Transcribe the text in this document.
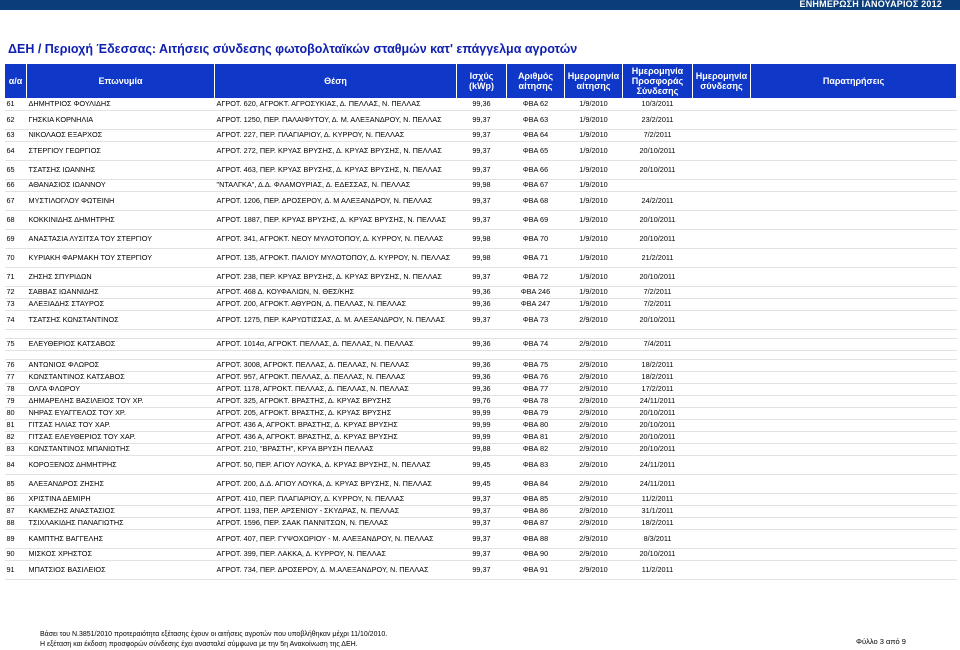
ΕΝΗΜΕΡΩΣΗ ΙΑΝΟΥΑΡΙΟΣ 2012
ΔΕΗ / Περιοχή Έδεσσας: Αιτήσεις σύνδεσης φωτοβολταϊκών σταθμών κατ' επάγγελμα αγροτών
α/α	Επωνυμία	Θέση	Ισχύς (kWp)	Αριθμός αίτησης	Ημερομηνία αίτησης	Ημερομηνία Προσφοράς Σύνδεσης	Ημερομηνία σύνδεσης	Παρατηρήσεις
61	ΔΗΜΗΤΡΙΟΣ ΦΟΥΛΙΔΗΣ	ΑΓΡΟΤ. 620, ΑΓΡΟΚΤ. ΑΓΡΟΣΥΚΙΑΣ, Δ. ΠΕΛΛΑΣ, Ν. ΠΕΛΛΑΣ	99,36	ΦΒΑ 62	1/9/2010	10/3/2011		
62	ΓΗΣΚΙΑ ΚΟΡΝΗΛΙΑ	ΑΓΡΟΤ. 1250, ΠΕΡ. ΠΑΛΑΙΦΥΤΟΥ, Δ. Μ. ΑΛΕΞΑΝΔΡΟΥ, Ν. ΠΕΛΛΑΣ	99,37	ΦΒΑ 63	1/9/2010	23/2/2011		
63	ΝΙΚΟΛΑΟΣ ΕΞΑΡΧΟΣ	ΑΓΡΟΤ. 227, ΠΕΡ. ΠΛΑΓΙΑΡΙΟΥ, Δ. ΚΥΡΡΟΥ, Ν. ΠΕΛΛΑΣ	99,37	ΦΒΑ 64	1/9/2010	7/2/2011		
64	ΣΤΕΡΓΙΟΥ ΓΕΩΡΓΙΟΣ	ΑΓΡΟΤ. 272, ΠΕΡ. ΚΡΥΑΣ ΒΡΥΣΗΣ, Δ. ΚΡΥΑΣ ΒΡΥΣΗΣ, Ν. ΠΕΛΛΑΣ	99,37	ΦΒΑ 65	1/9/2010	20/10/2011		
65	ΤΣΑΤΣΗΣ ΙΩΑΝΝΗΣ	ΑΓΡΟΤ. 463, ΠΕΡ. ΚΡΥΑΣ ΒΡΥΣΗΣ, Δ. ΚΡΥΑΣ ΒΡΥΣΗΣ, Ν. ΠΕΛΛΑΣ	99,37	ΦΒΑ 66	1/9/2010	20/10/2011		
66	ΑΘΑΝΑΣΙΟΣ ΙΩΑΝΝΟΥ	"ΝΤΑΛΓΚΑ", Δ.Δ. ΦΛΑΜΟΥΡΙΑΣ, Δ. ΕΔΕΣΣΑΣ, Ν. ΠΕΛΛΑΣ	99,98	ΦΒΑ 67	1/9/2010			
67	ΜΥΣΤΙΛΟΓΛΟΥ ΦΩΤΕΙΝΗ	ΑΓΡΟΤ. 1206, ΠΕΡ. ΔΡΟΣΕΡΟΥ, Δ. Μ ΑΛΕΞΑΝΔΡΟΥ, Ν. ΠΕΛΛΑΣ	99,37	ΦΒΑ 68	1/9/2010	24/2/2011		
68	ΚΟΚΚΙΝΙΔΗΣ ΔΗΜΗΤΡΗΣ	ΑΓΡΟΤ. 1887, ΠΕΡ. ΚΡΥΑΣ ΒΡΥΣΗΣ, Δ. ΚΡΥΑΣ ΒΡΥΣΗΣ, Ν. ΠΕΛΛΑΣ	99,37	ΦΒΑ 69	1/9/2010	20/10/2011		
69	ΑΝΑΣΤΑΣΙΑ ΛΥΣΙΤΣΑ ΤΟΥ ΣΤΕΡΓΙΟΥ	ΑΓΡΟΤ. 341, ΑΓΡΟΚΤ. ΝΕΟΥ ΜΥΛΟΤΟΠΟΥ, Δ. ΚΥΡΡΟΥ, Ν. ΠΕΛΛΑΣ	99,98	ΦΒΑ 70	1/9/2010	20/10/2011		
70	ΚΥΡΙΑΚΗ ΦΑΡΜΑΚΗ ΤΟΥ ΣΤΕΡΓΙΟΥ	ΑΓΡΟΤ. 135, ΑΓΡΟΚΤ. ΠΑΛΙΟΥ ΜΥΛΟΤΟΠΟΥ, Δ. ΚΥΡΡΟΥ, Ν. ΠΕΛΛΑΣ	99,98	ΦΒΑ 71	1/9/2010	21/2/2011		
71	ΖΗΣΗΣ ΣΠΥΡΙΔΩΝ	ΑΓΡΟΤ. 238, ΠΕΡ. ΚΡΥΑΣ ΒΡΥΣΗΣ, Δ. ΚΡΥΑΣ ΒΡΥΣΗΣ, Ν. ΠΕΛΛΑΣ	99,37	ΦΒΑ 72	1/9/2010	20/10/2011		
72	ΣΑΒΒΑΣ ΙΩΑΝΝΙΔΗΣ	ΑΓΡΟΤ. 468 Δ. ΚΟΥΦΑΛΙΩΝ, Ν. ΘΕΣ/ΚΗΣ	99,36	ΦΒΑ 246	1/9/2010	7/2/2011		
73	ΑΛΕΞΙΑΔΗΣ ΣΤΑΥΡΟΣ	ΑΓΡΟΤ. 200, ΑΓΡΟΚΤ. ΑΘΥΡΩΝ, Δ. ΠΕΛΛΑΣ, Ν. ΠΕΛΛΑΣ	99,36	ΦΒΑ 247	1/9/2010	7/2/2011		
74	ΤΣΑΤΣΗΣ ΚΩΝΣΤΑΝΤΙΝΟΣ	ΑΓΡΟΤ. 1275, ΠΕΡ. ΚΑΡΥΩΤΙΣΣΑΣ, Δ. Μ. ΑΛΕΞΑΝΔΡΟΥ, Ν. ΠΕΛΛΑΣ	99,37	ΦΒΑ 73	2/9/2010	20/10/2011		

75	ΕΛΕΥΘΕΡΙΟΣ ΚΑΤΣΑΒΟΣ	ΑΓΡΟΤ. 1014α, ΑΓΡΟΚΤ. ΠΕΛΛΑΣ, Δ. ΠΕΛΛΑΣ, Ν. ΠΕΛΛΑΣ	99,36	ΦΒΑ 74	2/9/2010	7/4/2011		

76	ΑΝΤΩΝΙΟΣ ΦΛΩΡΟΣ	ΑΓΡΟΤ. 3008, ΑΓΡΟΚΤ. ΠΕΛΛΑΣ, Δ. ΠΕΛΛΑΣ, Ν. ΠΕΛΛΑΣ	99,36	ΦΒΑ 75	2/9/2010	18/2/2011		
77	ΚΩΝΣΤΑΝΤΙΝΟΣ ΚΑΤΣΑΒΟΣ	ΑΓΡΟΤ. 957, ΑΓΡΟΚΤ. ΠΕΛΛΑΣ, Δ. ΠΕΛΛΑΣ, Ν. ΠΕΛΛΑΣ	99,36	ΦΒΑ 76	2/9/2010	18/2/2011		
78	ΟΛΓΑ ΦΛΩΡΟΥ	ΑΓΡΟΤ. 1178, ΑΓΡΟΚΤ. ΠΕΛΛΑΣ, Δ. ΠΕΛΛΑΣ, Ν. ΠΕΛΛΑΣ	99,36	ΦΒΑ 77	2/9/2010	17/2/2011		
79	ΔΗΜΑΡΕΛΗΣ ΒΑΣΙΛΕΙΟΣ ΤΟΥ ΧΡ.	ΑΓΡΟΤ. 325, ΑΓΡΟΚΤ. ΒΡΑΣΤΗΣ, Δ. ΚΡΥΑΣ ΒΡΥΣΗΣ	99,76	ΦΒΑ 78	2/9/2010	24/11/2011		
80	ΝΗΡΑΣ ΕΥΑΓΓΕΛΟΣ ΤΟΥ ΧΡ.	ΑΓΡΟΤ. 205, ΑΓΡΟΚΤ. ΒΡΑΣΤΗΣ, Δ. ΚΡΥΑΣ ΒΡΥΣΗΣ	99,99	ΦΒΑ 79	2/9/2010	20/10/2011		
81	ΓΙΤΣΑΣ ΗΛΙΑΣ ΤΟΥ ΧΑΡ.	ΑΓΡΟΤ. 436 Α, ΑΓΡΟΚΤ. ΒΡΑΣΤΗΣ, Δ. ΚΡΥΑΣ ΒΡΥΣΗΣ	99,99	ΦΒΑ 80	2/9/2010	20/10/2011		
82	ΓΙΤΣΑΣ ΕΛΕΥΘΕΡΙΟΣ ΤΟΥ ΧΑΡ.	ΑΓΡΟΤ. 436 Α, ΑΓΡΟΚΤ. ΒΡΑΣΤΗΣ, Δ. ΚΡΥΑΣ ΒΡΥΣΗΣ	99,99	ΦΒΑ 81	2/9/2010	20/10/2011		
83	ΚΩΝΣΤΑΝΤΙΝΟΣ ΜΠΑΝΙΩΤΗΣ	ΑΓΡΟΤ. 210, "ΒΡΑΣΤΗ", ΚΡΥΑ ΒΡΥΣΗ ΠΕΛΛΑΣ	99,88	ΦΒΑ 82	2/9/2010	20/10/2011		
84	ΚΟΡΟΞΕΝΟΣ ΔΗΜΗΤΡΗΣ	ΑΓΡΟΤ. 50, ΠΕΡ. ΑΓΙΟΥ ΛΟΥΚΑ, Δ. ΚΡΥΑΣ ΒΡΥΣΗΣ, Ν. ΠΕΛΛΑΣ	99,45	ΦΒΑ 83	2/9/2010	24/11/2011		
85	ΑΛΕΞΑΝΔΡΟΣ ΖΗΣΗΣ	ΑΓΡΟΤ. 200, Δ.Δ. ΑΓΙΟΥ ΛΟΥΚΑ, Δ. ΚΡΥΑΣ ΒΡΥΣΗΣ, Ν. ΠΕΛΛΑΣ	99,45	ΦΒΑ 84	2/9/2010	24/11/2011		
86	ΧΡΙΣΤΙΝΑ ΔΕΜΙΡΗ	ΑΓΡΟΤ. 410, ΠΕΡ. ΠΛΑΓΙΑΡΙΟΥ, Δ. ΚΥΡΡΟΥ, Ν. ΠΕΛΛΑΣ	99,37	ΦΒΑ 85	2/9/2010	11/2/2011		
87	ΚΑΚΜΕΖΗΣ ΑΝΑΣΤΑΣΙΟΣ	ΑΓΡΟΤ. 1193, ΠΕΡ. ΑΡΣΕΝΙΟΥ - ΣΚΥΔΡΑΣ, Ν. ΠΕΛΛΑΣ	99,37	ΦΒΑ 86	2/9/2010	31/1/2011		
88	ΤΣΙΧΛΑΚΙΔΗΣ ΠΑΝΑΓΙΩΤΗΣ	ΑΓΡΟΤ. 1596, ΠΕΡ. ΣΑΑΚ ΠΑΝΝΙΤΣΩΝ, Ν. ΠΕΛΛΑΣ	99,37	ΦΒΑ 87	2/9/2010	18/2/2011		
89	ΚΑΜΠΤΗΣ ΒΑΓΓΕΛΗΣ	ΑΓΡΟΤ. 407, ΠΕΡ. ΓΥΨΟΧΩΡΙΟΥ - Μ. ΑΛΕΞΑΝΔΡΟΥ, Ν. ΠΕΛΛΑΣ	99,37	ΦΒΑ 88	2/9/2010	8/3/2011		
90	ΜΙΣΚΟΣ ΧΡΗΣΤΟΣ	ΑΓΡΟΤ. 399, ΠΕΡ. ΛΑΚΚΑ, Δ. ΚΥΡΡΟΥ, Ν. ΠΕΛΛΑΣ	99,37	ΦΒΑ 90	2/9/2010	20/10/2011		
91	ΜΠΑΤΣΙΟΣ ΒΑΣΙΛΕΙΟΣ	ΑΓΡΟΤ. 734, ΠΕΡ. ΔΡΟΣΕΡΟΥ, Δ. Μ.ΑΛΕΞΑΝΔΡΟΥ, Ν. ΠΕΛΛΑΣ	99,37	ΦΒΑ 91	2/9/2010	11/2/2011		
Βάσει του Ν.3851/2010 προτεραιότητα εξέτασης έχουν οι αιτήσεις αγροτών που υποβλήθηκαν μέχρι 11/10/2010.
Η εξέταση και έκδοση προσφορών σύνδεσης έχει ανασταλεί σύμφωνα με την 5η Ανακοίνωση της ΔΕΗ.	Φύλλο 3 από 9
